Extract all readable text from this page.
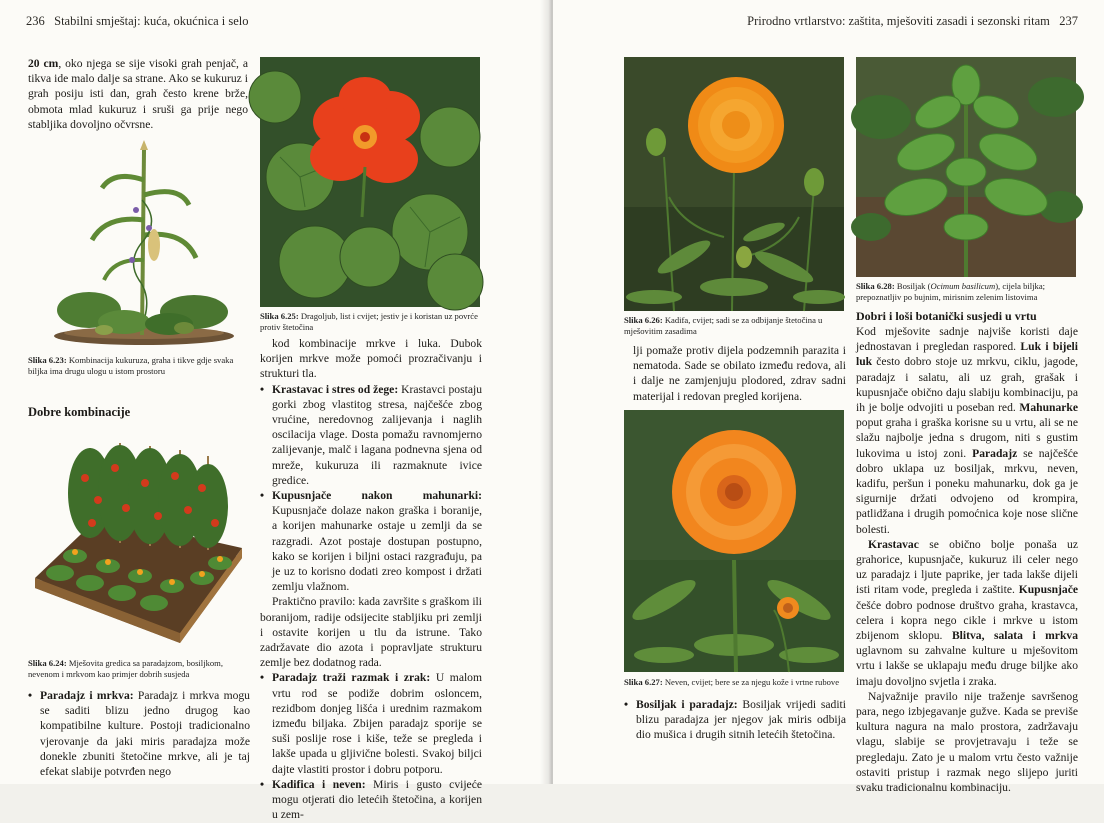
236 Stabilni smještaj: kuća, okućnica i selo

20 cm, oko njega se sije visoki grah penjač, a tikva ide malo dalje sa strane. Ako se kukuruz i grah posiju isti dan, grah često krene brže, obmota mlad kukuruz i sruši ga prije nego stabljika dovoljno očvrsne.

Slika 6.23: Kombinacija kukuruza, graha i tikve gdje svaka biljka ima drugu ulogu u istom prostoru
Dobre kombinacije
Slika 6.24: Mješovita gredica sa paradajzom, bosiljkom, nevenom i mrkvom kao primjer dobrih susjeda
• Paradajz i mrkva: Paradajz i mrkva mogu se saditi blizu jedno drugog kao kompatibilne kulture. Postoji tradicionalno vjerovanje da jaki miris paradajza može donekle zbuniti štetočine mrkve, ali je taj efekat slabije potvrđen nego
Slika 6.25: Dragoljub, list i cvijet; jestiv je i koristan uz povrće protiv štetočina

kod kombinacije mrkve i luka. Dubok korijen mrkve može pomoći prozračivanju i strukturi tla.

• Krastavac i stres od žege: Krastavci postaju gorki zbog vlastitog stresa, najčešće zbog vrućine, neredovnog zalijevanja i naglih oscilacija vlage. Dosta pomažu ravnomjerno zalijevanje, malč i lagana podnevna sjena od mreže, kukuruza ili razmaknute ivice gredice.
• Kupusnjače nakon mahunarki: Kupusnjače dolaze nakon graška i boranije, a korijen mahunarke ostaje u zemlji da se razgradi. Azot postaje dostupan postupno, kako se korijen i biljni ostaci razgrađuju, pa je uz to korisno dodati zreo kompost i držati zemlju vlažnom.

Praktično pravilo: kada završite s graškom ili boranijom, radije odsijecite stabljiku pri zemlji i ostavite korijen u tlu da istrune. Tako zadržavate dio azota i popravljate strukturu zemlje bez dodatnog rada.

• Paradajz traži razmak i zrak: U malom vrtu rod se podiže dobrim osloncem, rezidbom donjeg lišća i urednim razmakom između biljaka. Zbijen paradajz sporije se suši poslije rose i kiše, teže se pregleda i lakše upada u gljivične bolesti. Svakoj biljci dajte vlastiti prostor i dobru potporu.
• Kadifica i neven: Miris i gusto cvijeće mogu otjerati dio letećih štetočina, a korijen u zem-
Prirodno vrtlarstvo: zaštita, mješoviti zasadi i sezonski ritam 237
Slika 6.26: Kadifa, cvijet; sadi se za odbijanje štetočina u mješovitim zasadima

lji pomaže protiv dijela podzemnih parazita i nematoda. Sade se obilato između redova, ali i dalje ne zamjenjuju plodored, zdrav sadni materijal i redovan pregled korijena.

Slika 6.27: Neven, cvijet; bere se za njegu kože i vrtne rubove
• Bosiljak i paradajz: Bosiljak vrijedi saditi blizu paradajza jer njegov jak miris odbija dio mušica i drugih sitnih letećih štetočina.
Slika 6.28: Bosiljak (Ocimum basilicum), cijela biljka; prepoznatljiv po bujnim, mirisnim zelenim listovima
Dobri i loši botanički susjedi u vrtu

Kod mješovite sadnje najviše koristi daje jednostavan i pregledan raspored. Luk i bijeli luk često dobro stoje uz mrkvu, ciklu, jagode, paradajz i salatu, ali uz grah, grašak i kupusnjače obično daju slabiju kombinaciju, pa ih je bolje odvojiti u poseban red. Mahunarke poput graha i graška korisne su u vrtu, ali se ne slažu najbolje jedna s drugom, niti s gustim lukovima u istoj zoni. Paradajz se najčešće dobro uklapa uz bosiljak, mrkvu, neven, kadifu, peršun i poneku mahunarku, dok ga je sigurnije držati odvojeno od krompira, patlidžana i drugih pomoćnica koje nose slične bolesti.

Krastavac se obično bolje ponaša uz grahorice, kupusnjače, kukuruz ili celer nego uz paradajz i ljute paprike, jer tada lakše dijeli isti ritam vode, pregleda i zaštite. Kupusnjače češće dobro podnose društvo graha, krastavca, celera i kopra nego cikle i mrkve u istom zbijenom sklopu. Blitva, salata i mrkva uglavnom su zahvalne kulture u mješovitom vrtu i lakše se uklapaju među druge biljke ako imaju dovoljno svjetla i zraka.

Najvažnije pravilo nije traženje savršenog para, nego izbjegavanje gužve. Kada se previše kultura nagura na malo prostora, zadržavaju vlagu, slabije se provjetravaju i teže se pregledaju. Zato je u malom vrtu često važnije ostaviti pristup i razmak nego slijepo juriti svaku tradicionalnu kombinaciju.
